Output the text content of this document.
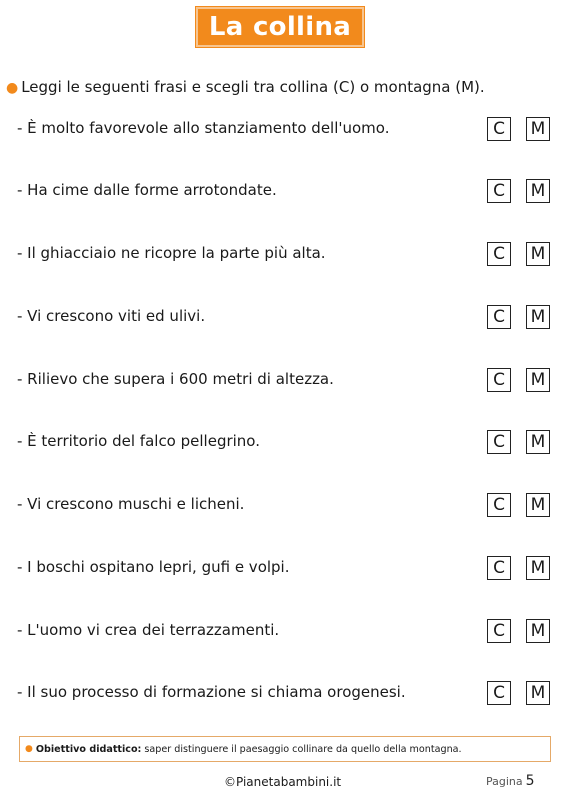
La collina
● Leggi le seguenti frasi e scegli tra collina (C) o montagna (M).
- È molto favorevole allo stanziamento dell'uomo.	C	M
- Ha cime dalle forme arrotondate.	C	M
- Il ghiacciaio ne ricopre la parte più alta.	C	M
- Vi crescono viti ed ulivi.	C	M
- Rilievo che supera i 600 metri di altezza.	C	M
- È territorio del falco pellegrino.	C	M
- Vi crescono muschi e licheni.	C	M
- I boschi ospitano lepri, gufi e volpi.	C	M
- L'uomo vi crea dei terrazzamenti.	C	M
- Il suo processo di formazione si chiama orogenesi.	C	M
● Obiettivo didattico: saper distinguere il paesaggio collinare da quello della montagna.
©Pianetabambini.it	Pagina 5
